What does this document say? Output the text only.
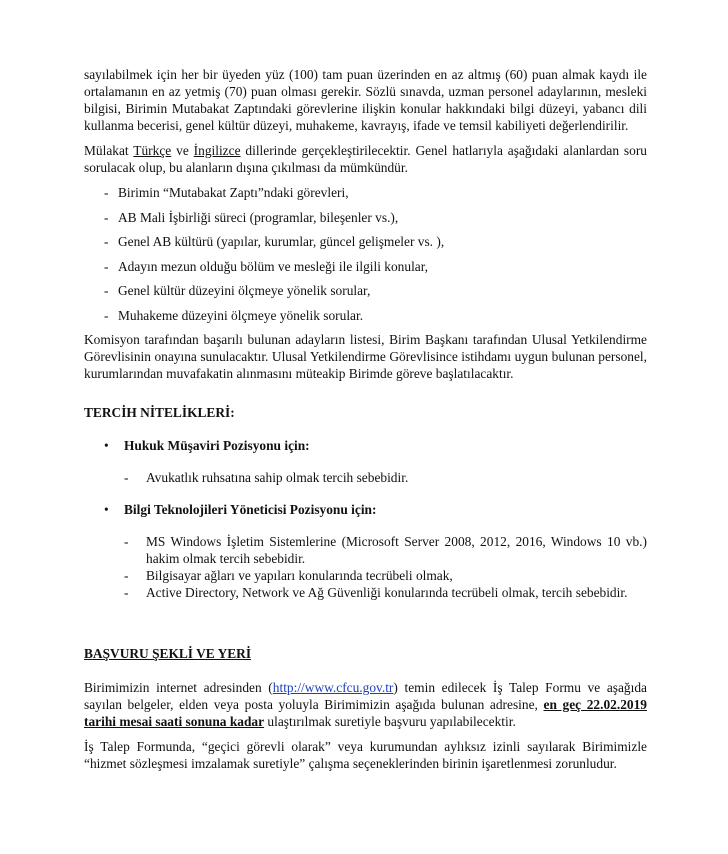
sayılabilmek için her bir üyeden yüz (100) tam puan üzerinden en az altmış (60) puan almak kaydı ile ortalamanın en az yetmiş (70) puan olması gerekir. Sözlü sınavda, uzman personel adaylarının, mesleki bilgisi, Birimin Mutabakat Zaptındaki görevlerine ilişkin konular hakkındaki bilgi düzeyi, yabancı dili kullanma becerisi, genel kültür düzeyi, muhakeme, kavrayış, ifade ve temsil kabiliyeti değerlendirilir.

Mülakat Türkçe ve İngilizce dillerinde gerçekleştirilecektir. Genel hatlarıyla aşağıdaki alanlardan soru sorulacak olup, bu alanların dışına çıkılması da mümkündür.

- Birimin “Mutabakat Zaptı”ndaki görevleri,
- AB Mali İşbirliği süreci (programlar, bileşenler vs.),
- Genel AB kültürü (yapılar, kurumlar, güncel gelişmeler vs. ),
- Adayın mezun olduğu bölüm ve mesleği ile ilgili konular,
- Genel kültür düzeyini ölçmeye yönelik sorular,
- Muhakeme düzeyini ölçmeye yönelik sorular.

Komisyon tarafından başarılı bulunan adayların listesi, Birim Başkanı tarafından Ulusal Yetkilendirme Görevlisinin onayına sunulacaktır. Ulusal Yetkilendirme Görevlisince istihdamı uygun bulunan personel, kurumlarından muvafakatin alınmasını müteakip Birimde göreve başlatılacaktır.

TERCİH NİTELİKLERİ:
• Hukuk Müşaviri Pozisyonu için:
- Avukatlık ruhsatına sahip olmak tercih sebebidir.
• Bilgi Teknolojileri Yöneticisi Pozisyonu için:
- MS Windows İşletim Sistemlerine (Microsoft Server 2008, 2012, 2016, Windows 10 vb.) hakim olmak tercih sebebidir.
- Bilgisayar ağları ve yapıları konularında tecrübeli olmak,
- Active Directory, Network ve Ağ Güvenliği konularında tecrübeli olmak, tercih sebebidir.
BAŞVURU ŞEKLİ VE YERİ

Birimimizin internet adresinden (http://www.cfcu.gov.tr) temin edilecek İş Talep Formu ve aşağıda sayılan belgeler, elden veya posta yoluyla Birimimizin aşağıda bulunan adresine, en geç 22.02.2019 tarihi mesai saati sonuna kadar ulaştırılmak suretiyle başvuru yapılabilecektir.

İş Talep Formunda, “geçici görevli olarak” veya kurumundan aylıksız izinli sayılarak Birimimizle “hizmet sözleşmesi imzalamak suretiyle” çalışma seçeneklerinden birinin işaretlenmesi zorunludur.
